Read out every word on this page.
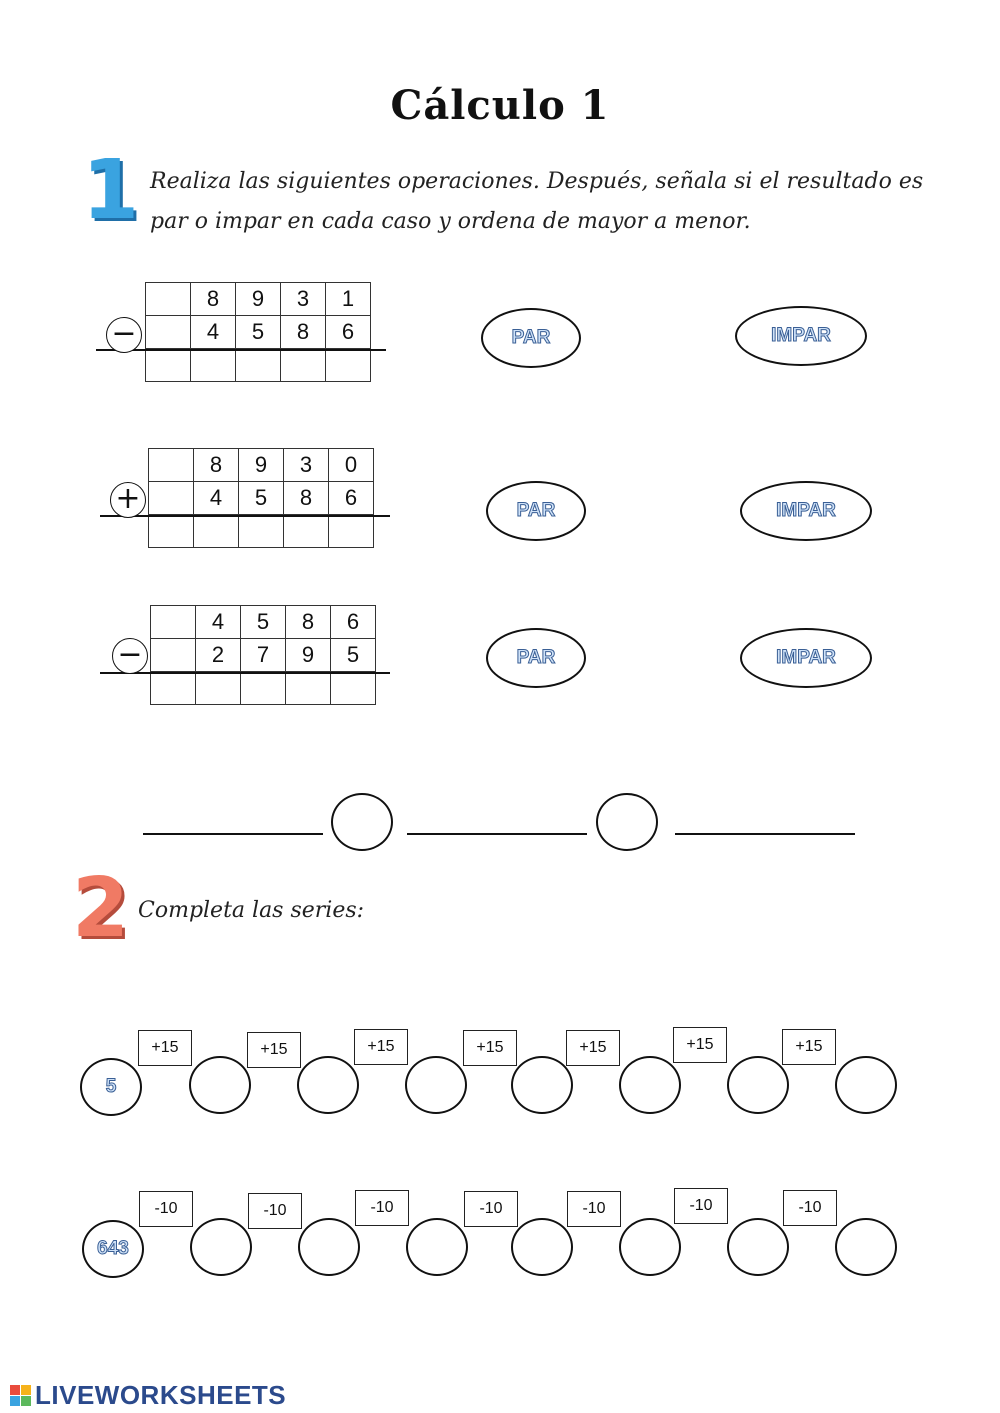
Cálculo 1
1 Realiza las siguientes operaciones. Después, señala si el resultado es par o impar en cada caso y ordena de mayor a menor.
	8	9	3	1
	4	5	8	6

−	PAR	IMPAR
	8	9	3	0
	4	5	8	6

+	PAR	IMPAR
	4	5	8	6
	2	7	9	5

−	PAR	IMPAR
2 Completa las series:
5
+15	+15	+15	+15	+15	+15	+15
643
-10	-10	-10	-10	-10	-10	-10
LIVEWORKSHEETS
